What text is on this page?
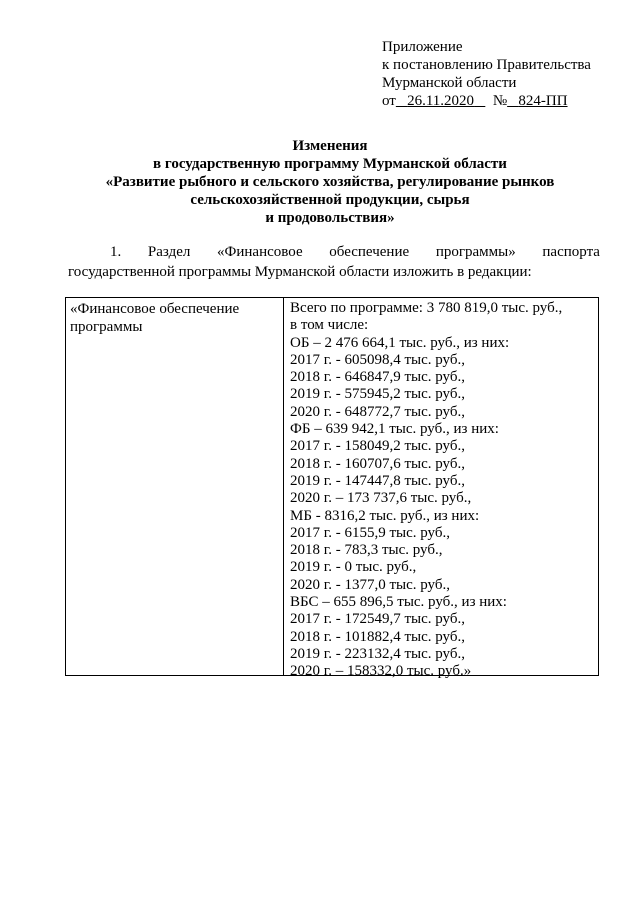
Приложение
к постановлению Правительства
Мурманской области
от 26.11.2020 № 824-ПП
Изменения
в государственную программу Мурманской области
«Развитие рыбного и сельского хозяйства, регулирование рынков
сельскохозяйственной продукции, сырья
и продовольствия»
1. Раздел «Финансовое обеспечение программы» паспорта
государственной программы Мурманской области изложить в редакции:
«Финансовое обеспечение
программы
Всего по программе: 3 780 819,0 тыс. руб.,
в том числе:
ОБ – 2 476 664,1 тыс. руб., из них:
2017 г. - 605098,4 тыс. руб.,
2018 г. - 646847,9 тыс. руб.,
2019 г. - 575945,2 тыс. руб.,
2020 г. - 648772,7 тыс. руб.,
ФБ – 639 942,1 тыс. руб., из них:
2017 г. - 158049,2 тыс. руб.,
2018 г. - 160707,6 тыс. руб.,
2019 г. - 147447,8 тыс. руб.,
2020 г. – 173 737,6 тыс. руб.,
МБ - 8316,2 тыс. руб., из них:
2017 г. - 6155,9 тыс. руб.,
2018 г. - 783,3 тыс. руб.,
2019 г. - 0 тыс. руб.,
2020 г. - 1377,0 тыс. руб.,
ВБС – 655 896,5 тыс. руб., из них:
2017 г. - 172549,7 тыс. руб.,
2018 г. - 101882,4 тыс. руб.,
2019 г. - 223132,4 тыс. руб.,
2020 г. – 158332,0 тыс. руб.»
